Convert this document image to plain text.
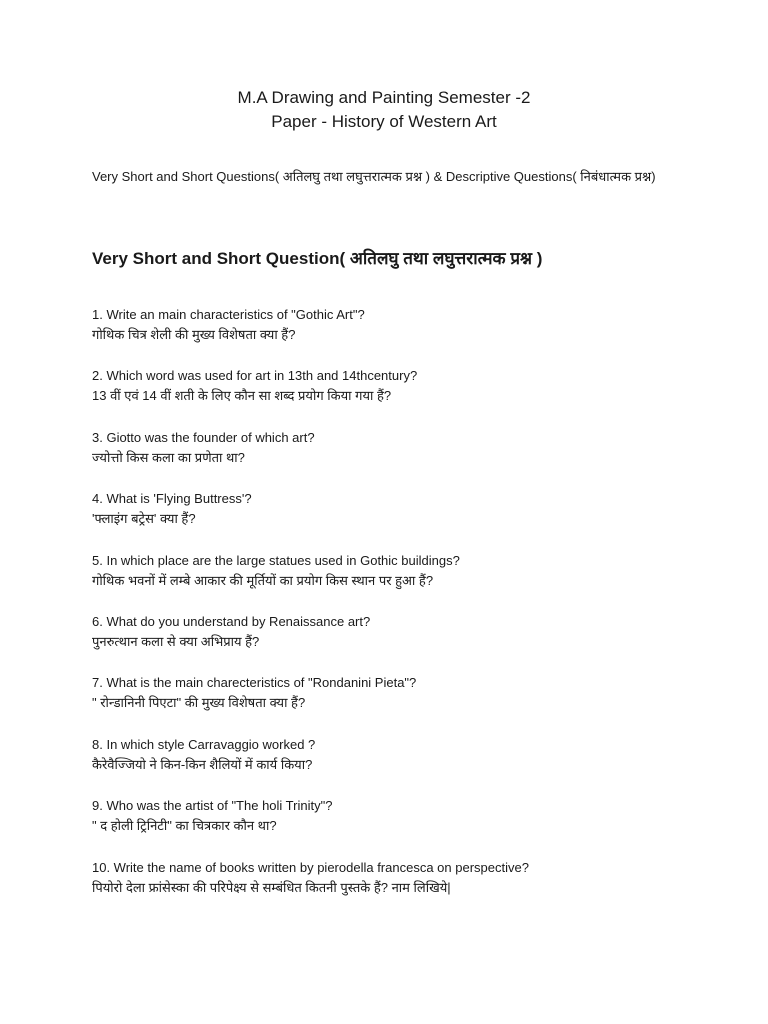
M.A Drawing and Painting Semester -2
Paper - History of Western Art
Very Short and Short Questions( अतिलघु तथा लघुत्तरात्मक प्रश्न ) & Descriptive Questions( निबंधात्मक प्रश्न)
Very Short and Short Question( अतिलघु तथा लघुत्तरात्मक प्रश्न )
1. Write an main characteristics of "Gothic Art"?
गोथिक चित्र शेली की मुख्य विशेषता क्या हैं?
2. Which word was used for art in 13th and 14thcentury?
13 वीं एवं 14 वीं शती के लिए कौन सा शब्द प्रयोग किया गया हैं?
3. Giotto was the founder of which art?
ज्योत्तो किस कला का प्रणेता था?
4. What is 'Flying Buttress'?
'फ्लाइंग बट्रेस' क्या हैं?
5. In which place are the large statues used in Gothic buildings?
गोथिक भवनों में लम्बे आकार की मूर्तियों का प्रयोग किस स्थान पर हुआ हैं?
6. What do you understand by Renaissance art?
पुनरुत्थान कला से क्या अभिप्राय हैं?
7. What is the main charecteristics of "Rondanini Pieta"?
" रोन्डानिनी पिएटा" की मुख्य विशेषता क्या हैं?
8. In which style Carravaggio worked ?
कैरेवैज्जियो ने किन-किन शैलियों में कार्य किया?
9. Who was the artist of "The holi Trinity"?
" द होली ट्रिनिटी" का चित्रकार कौन था?
10. Write the name of books written by pierodella francesca on perspective?
पियोरो देला फ्रांसेस्का की परिपेक्ष्य से सम्बंधित कितनी पुस्तके हैं? नाम लिखिये|
